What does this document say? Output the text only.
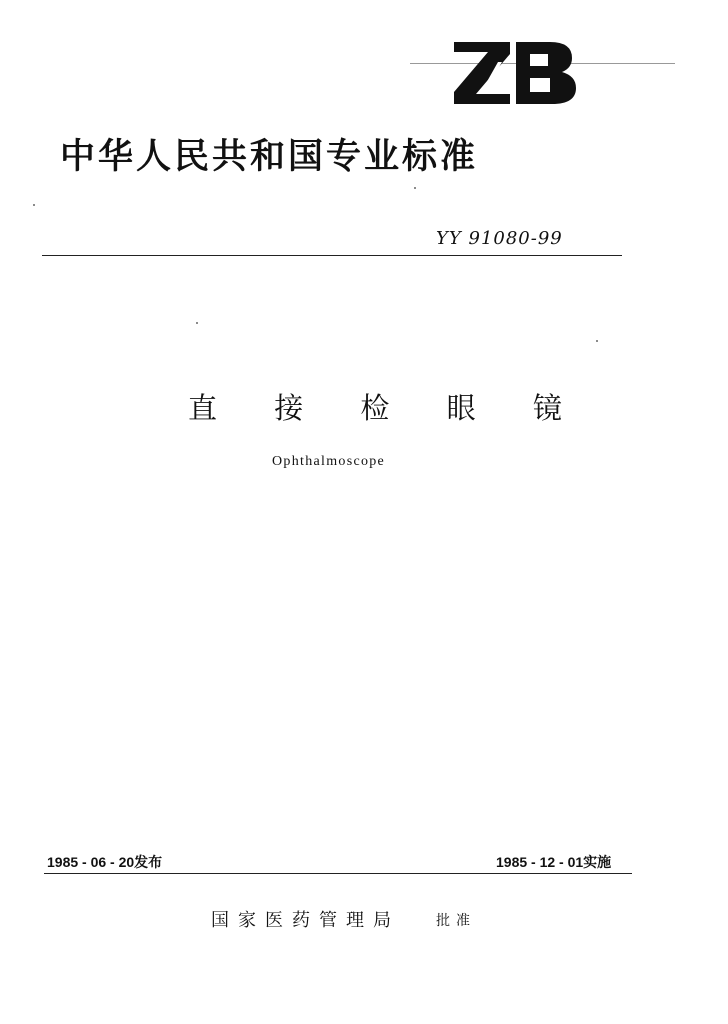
中华人民共和国专业标准
YY 91080-99
直 接 检 眼 镜
Ophthalmoscope
1985 - 06 - 20发布	1985 - 12 - 01实施
国家医药管理局	批准
